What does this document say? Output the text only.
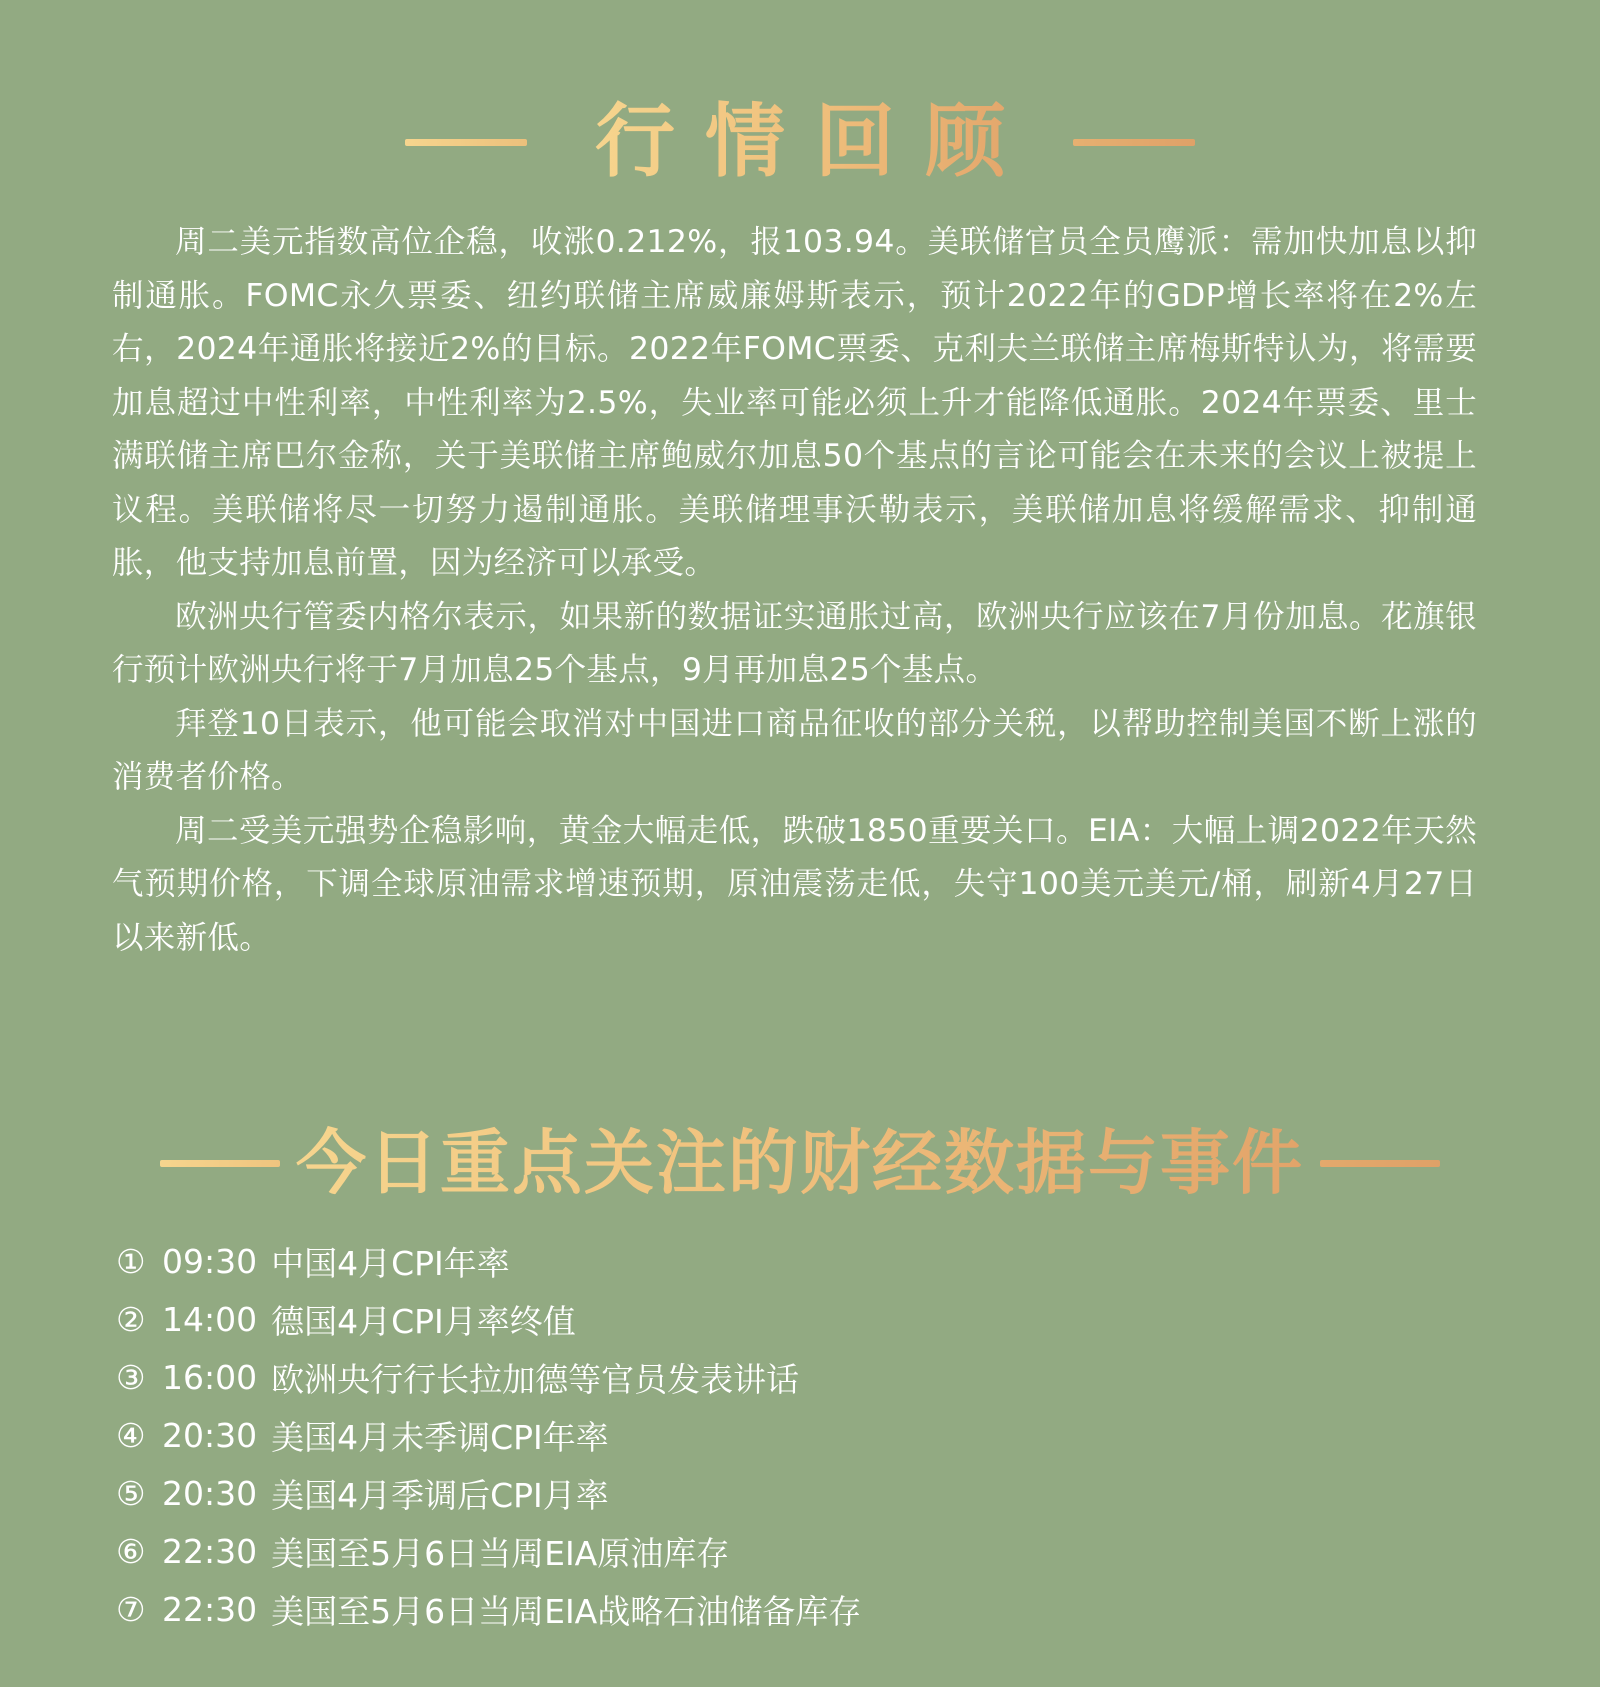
行情回顾

周二美元指数高位企稳，收涨0.212%，报103.94。美联储官员全员鹰派：需加快加息以抑制通胀。FOMC永久票委、纽约联储主席威廉姆斯表示，预计2022年的GDP增长率将在2%左右，2024年通胀将接近2%的目标。2022年FOMC票委、克利夫兰联储主席梅斯特认为，将需要加息超过中性利率，中性利率为2.5%，失业率可能必须上升才能降低通胀。2024年票委、里士满联储主席巴尔金称，关于美联储主席鲍威尔加息50个基点的言论可能会在未来的会议上被提上议程。美联储将尽一切努力遏制通胀。美联储理事沃勒表示，美联储加息将缓解需求、抑制通胀，他支持加息前置，因为经济可以承受。

欧洲央行管委内格尔表示，如果新的数据证实通胀过高，欧洲央行应该在7月份加息。花旗银行预计欧洲央行将于7月加息25个基点，9月再加息25个基点。

拜登10日表示，他可能会取消对中国进口商品征收的部分关税，以帮助控制美国不断上涨的消费者价格。

周二受美元强势企稳影响，黄金大幅走低，跌破1850重要关口。EIA：大幅上调2022年天然气预期价格，下调全球原油需求增速预期，原油震荡走低，失守100美元美元/桶，刷新4月27日以来新低。

今日重点关注的财经数据与事件
① 09:30 中国4月CPI年率
② 14:00 德国4月CPI月率终值
③ 16:00 欧洲央行行长拉加德等官员发表讲话
④ 20:30 美国4月未季调CPI年率
⑤ 20:30 美国4月季调后CPI月率
⑥ 22:30 美国至5月6日当周EIA原油库存
⑦ 22:30 美国至5月6日当周EIA战略石油储备库存
